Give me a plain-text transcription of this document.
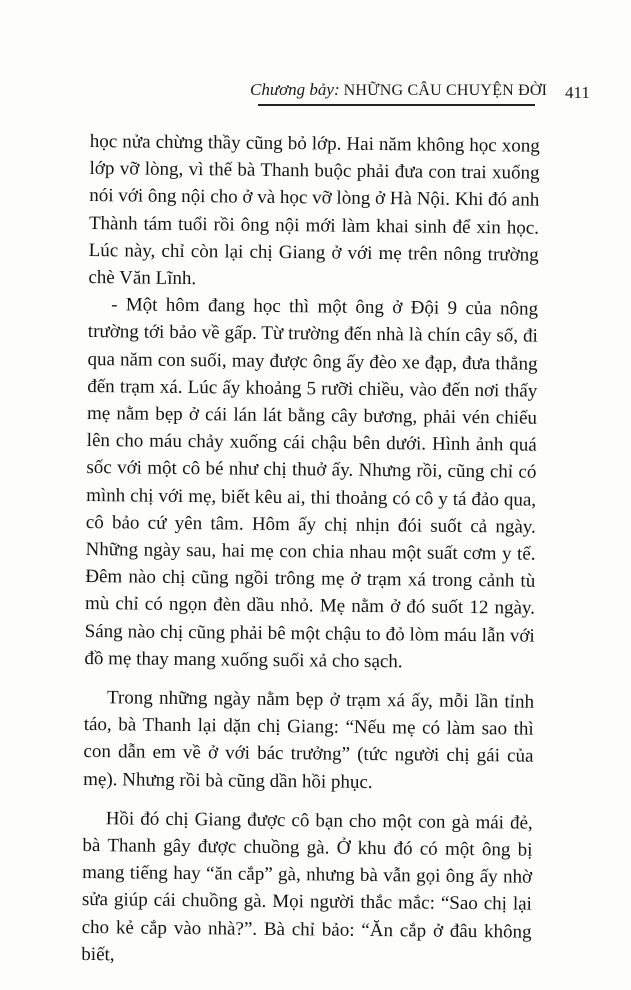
Chương bảy: NHỮNG CÂU CHUYỆN ĐỜI 411

học nửa chừng thầy cũng bỏ lớp. Hai năm không học xong lớp vỡ lòng, vì thế bà Thanh buộc phải đưa con trai xuống nói với ông nội cho ở và học vỡ lòng ở Hà Nội. Khi đó anh Thành tám tuổi rồi ông nội mới làm khai sinh để xin học. Lúc này, chỉ còn lại chị Giang ở với mẹ trên nông trường chè Văn Lĩnh.

- Một hôm đang học thì một ông ở Đội 9 của nông trường tới bảo về gấp. Từ trường đến nhà là chín cây số, đi qua năm con suối, may được ông ấy đèo xe đạp, đưa thẳng đến trạm xá. Lúc ấy khoảng 5 rưỡi chiều, vào đến nơi thấy mẹ nằm bẹp ở cái lán lát bằng cây bương, phải vén chiếu lên cho máu chảy xuống cái chậu bên dưới. Hình ảnh quá sốc với một cô bé như chị thuở ấy. Nhưng rồi, cũng chỉ có mình chị với mẹ, biết kêu ai, thi thoảng có cô y tá đảo qua, cô bảo cứ yên tâm. Hôm ấy chị nhịn đói suốt cả ngày. Những ngày sau, hai mẹ con chia nhau một suất cơm y tế. Đêm nào chị cũng ngồi trông mẹ ở trạm xá trong cảnh tù mù chỉ có ngọn đèn dầu nhỏ. Mẹ nằm ở đó suốt 12 ngày. Sáng nào chị cũng phải bê một chậu to đỏ lòm máu lẫn với đồ mẹ thay mang xuống suối xả cho sạch.

Trong những ngày nằm bẹp ở trạm xá ấy, mỗi lần tỉnh táo, bà Thanh lại dặn chị Giang: “Nếu mẹ có làm sao thì con dẫn em về ở với bác trưởng” (tức người chị gái của mẹ). Nhưng rồi bà cũng dần hồi phục.

Hồi đó chị Giang được cô bạn cho một con gà mái đẻ, bà Thanh gây được chuồng gà. Ở khu đó có một ông bị mang tiếng hay “ăn cắp” gà, nhưng bà vẫn gọi ông ấy nhờ sửa giúp cái chuồng gà. Mọi người thắc mắc: “Sao chị lại cho kẻ cắp vào nhà?”. Bà chỉ bảo: “Ăn cắp ở đâu không biết,
